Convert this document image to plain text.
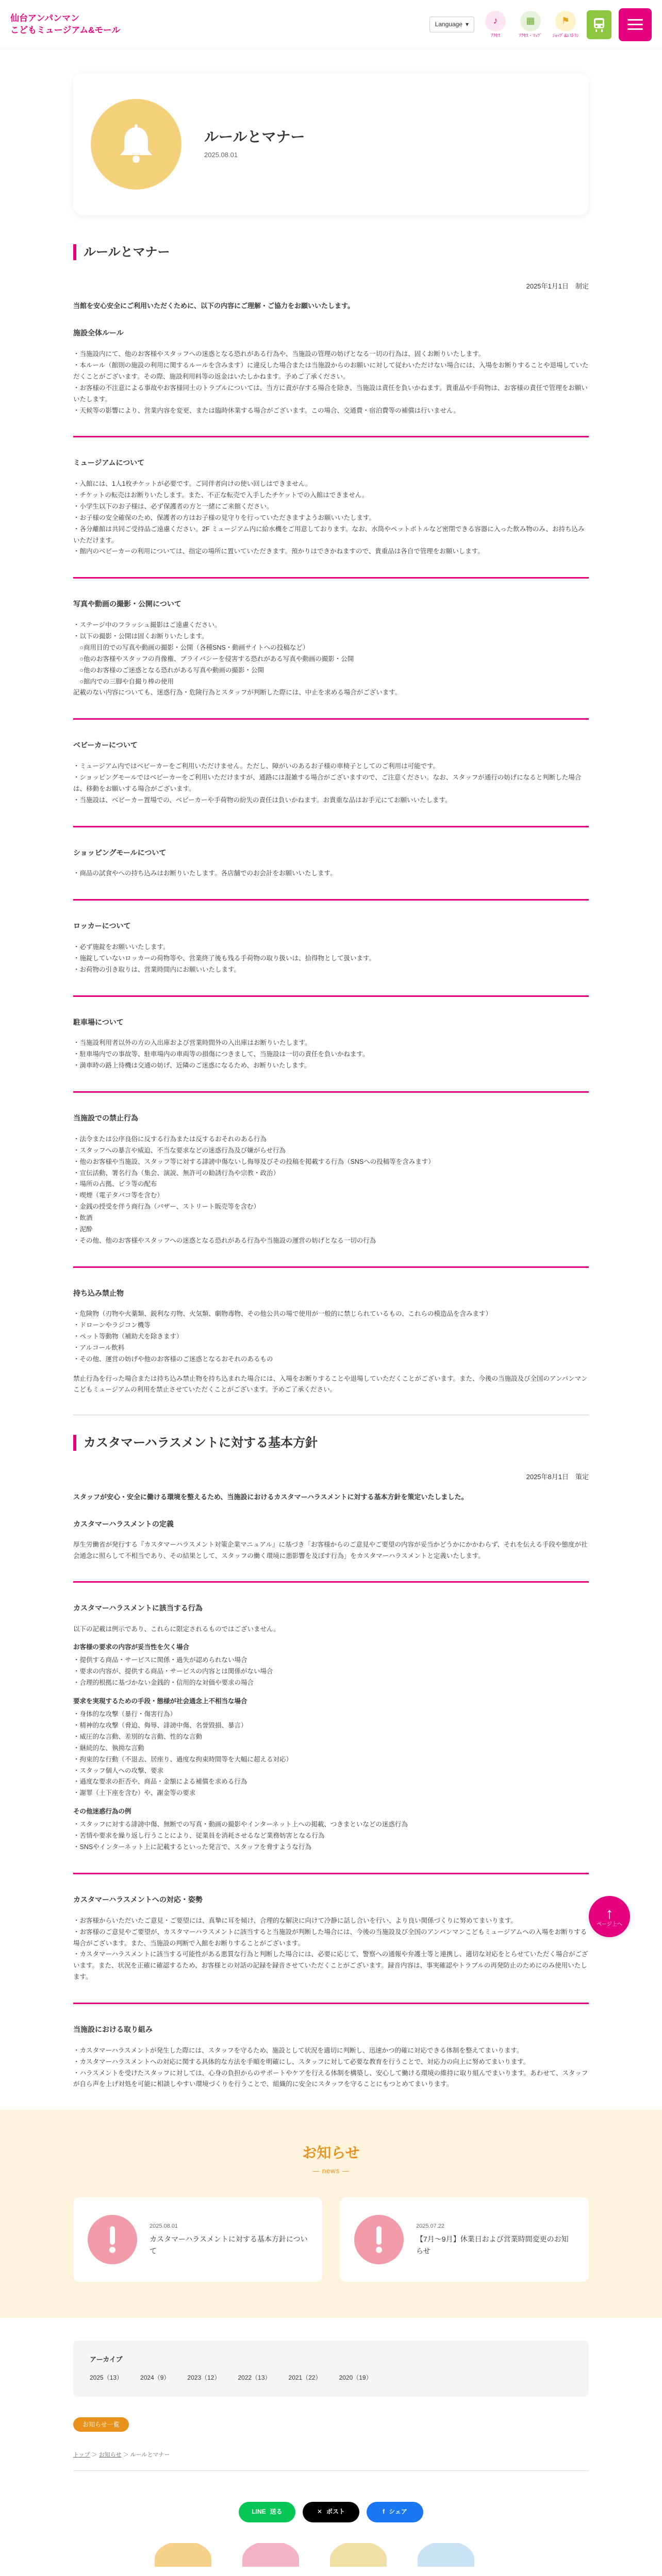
仙台アンパンマン
こどもミュージアム&モール
Language ▾	♪
ｱｸｾｽ
▦
ｱｸｾｽ・ﾏｯﾌﾟ
⚑
ｼｮｯﾌﾟ&ﾚｽﾄﾗﾝ
ルールとマナー
2025.08.01
ルールとマナー
2025年1月1日　制定
当館を安心安全にご利用いただくために、以下の内容にご理解・ご協力をお願いいたします。
施設全体ルール
・当施設内にて、他のお客様やスタッフへの迷惑となる恐れがある行為や、当施設の管理の妨げとなる一切の行為は、固くお断りいたします。
・本ルール（館則の施設の利用に関するルールを含みます）に違反した場合または当施設からのお願いに対して従わいただけない場合には、入場をお断りすることや退場していただくことがございます。その際、施設利用料等の返金はいたしかねます。予めご了承ください。
・お客様の不注意による事故やお客様同士のトラブルについては、当方に責が存する場合を除き、当施設は責任を負いかねます。貴重品や手荷物は、お客様の責任で管理をお願いいたします。
・天候等の影響により、営業内容を変更、または臨時休業する場合がございます。この場合、交通費・宿泊費等の補償は行いません。
ミュージアムについて
・入館には、1人1枚チケットが必要です。ご同伴者向けの使い回しはできません。
・チケットの転売はお断りいたします。また、不正な転売で入手したチケットでの入館はできません。
・小学生以下のお子様は、必ず保護者の方と一緒にご来館ください。
・お子様の安全確保のため、保護者の方はお子様の見守りを行っていただきますようお願いいたします。
・各分離館は共同ご受持品ご遠慮ください。2F ミュージアム内に給水機をご用意しております。なお、水筒やペットボトルなど密閉できる容器に入った飲み物のみ、お持ち込みいただけます。
・館内のベビーカーの利用については、指定の場所に置いていただきます。預かりはできかねますので、貴重品は各自で管理をお願いします。
写真や動画の撮影・公開について
・ステージ中のフラッシュ撮影はご遠慮ください。
・以下の撮影・公開は固くお断りいたします。
　○商用目的での写真や動画の撮影・公開（各種SNS・動画サイトへの投稿など）
　○他のお客様やスタッフの肖像権、プライバシーを侵害する恐れがある写真や動画の撮影・公開
　○他のお客様のご迷惑となる恐れがある写真や動画の撮影・公開
　○館内での三脚や自撮り棒の使用
記載のない内容についても、迷惑行為・危険行為とスタッフが判断した際には、中止を求める場合がございます。
ベビーカーについて
・ミュージアム内ではベビーカーをご利用いただけません。ただし、障がいのあるお子様の車椅子としてのご利用は可能です。
・ショッピングモールではベビーカーをご利用いただけますが、通路には混雑する場合がございますので、ご注意ください。なお、スタッフが通行の妨げになると判断した場合は、移動をお願いする場合がございます。
・当施設は、ベビーカー置場での、ベビーカーや手荷物の紛失の責任は負いかねます。お貴重な品はお手元にてお願いいたします。
ショッピングモールについて
・商品の試食やへの持ち込みはお断りいたします。各店舗でのお会計をお願いいたします。
ロッカーについて
・必ず施錠をお願いいたします。
・施錠していないロッカーの荷物等や、営業終了後も残る手荷物の取り扱いは、拾得物として扱います。
・お荷物の引き取りは、営業時間内にお願いいたします。
駐車場について
・当施設利用者以外の方の入出庫および営業時間外の入出庫はお断りいたします。
・駐車場内での事故等、駐車場内の車両等の損傷につきまして、当施設は一切の責任を負いかねます。
・満車時の路上待機は交通の妨げ、近隣のご迷惑になるため、お断りいたします。
当施設での禁止行為
・法令または公序良俗に反する行為または反するおそれのある行為
・スタッフへの暴言や威迫、不当な要求などの迷惑行為及び嫌がらせ行為
・他のお客様や当施設、スタッフ等に対する誹謗中傷ないし侮辱及びその投稿を掲載する行為（SNSへの投稿等を含みます）
・宣伝活動、署名行為（集会、演説、無許可の勧誘行為や宗教・政治）
・場所の占拠、ビラ等の配布
・喫煙（電子タバコ等を含む）
・金銭の授受を伴う商行為（バザー、ストリート販売等を含む）
・飲酒
・泥酔
・その他、他のお客様やスタッフへの迷惑となる恐れがある行為や当施設の運営の妨げとなる一切の行為
持ち込み禁止物
・危険物（刃物や火薬類、鋭利な刃物、火気類、劇物毒物、その他公共の場で使用が一般的に禁じられているもの、これらの模造品を含みます）
・ドローンやラジコン機等
・ペット等動物（補助犬を除きます）
・アルコール飲料
・その他、運営の妨げや他のお客様のご迷惑となるおそれのあるもの

禁止行為を行った場合または持ち込み禁止物を持ち込まれた場合には、入場をお断りすることや退場していただくことがございます。また、今後の当施設及び全国のアンパンマンこどもミュージアムの利用を禁止させていただくことがございます。予めご了承ください。

カスタマーハラスメントに対する基本方針
2025年8月1日　策定
スタッフが安心・安全に働ける環境を整えるため、当施設におけるカスタマーハラスメントに対する基本方針を策定いたしました。
カスタマーハラスメントの定義

厚生労働省が発行する『カスタマーハラスメント対策企業マニュアル』に基づき「お客様からのご意見やご要望の内容が妥当かどうかにかかわらず、それを伝える手段や態度が社会通念に照らして不相当であり、その結果として、スタッフの働く環境に悪影響を及ぼす行為」をカスタマーハラスメントと定義いたします。

カスタマーハラスメントに該当する行為

以下の記載は例示であり、これらに限定されるものではございません。

お客様の要求の内容が妥当性を欠く場合
・提供する商品・サービスに関係・過失が認められない場合
・要求の内容が、提供する商品・サービスの内容とは関係がない場合
・合理的根拠に基づかない金銭的・信用的な対価や要求の場合
要求を実現するための手段・態様が社会通念上不相当な場合
・身体的な攻撃（暴行・傷害行為）
・精神的な攻撃（脅迫、侮辱、誹謗中傷、名誉毀損、暴言）
・威圧的な言動、差別的な言動、性的な言動
・継続的な、執拗な言動
・拘束的な行動（不退去、居座り、過度な拘束時間等を大幅に超える対応）
・スタッフ個人への攻撃、要求
・過度な要求の拒否や、商品・金額による補償を求める行為
・謝罪（土下座を含む）や、謝金等の要求
その他迷惑行為の例
・スタッフに対する誹謗中傷、無断での写真・動画の撮影やインターネット上への掲載、つきまといなどの迷惑行為
・苦情や要求を繰り返し行うことにより、従業員を消耗させるなど業務妨害となる行為
・SNSやインターネット上に記載するといった発言で、スタッフを脅すような行為
カスタマーハラスメントへの対応・姿勢
・お客様からいただいたご意見・ご要望には、真摯に耳を傾け、合理的な解決に向けて冷静に話し合いを行い、より良い関係づくりに努めてまいります。
・お客様のご意見やご要望が、カスタマーハラスメントに該当すると当施設が判断した場合には、今後の当施設及び全国のアンパンマンこどもミュージアムへの入場をお断りする場合がございます。また、当施設の判断で入館をお断りすることがございます。
・カスタマーハラスメントに該当する可能性がある悪質な行為と判断した場合には、必要に応じて、警察への通報や弁護士等と連携し、適切な対応をとらせていただく場合がございます。また、状況を正確に確認するため、お客様との対話の記録を録音させていただくことがございます。録音内容は、事実確認やトラブルの再発防止のためにのみ使用いたします。
当施設における取り組み
・カスタマーハラスメントが発生した際には、スタッフを守るため、施設として状況を適切に判断し、迅速かつ的確に対応できる体制を整えてまいります。
・カスタマーハラスメントへの対応に関する具体的な方法を手順を明確にし、スタッフに対して必要な教育を行うことで、対応力の向上に努めてまいります。
・ハラスメントを受けたスタッフに対しては、心身の負担からのサポートやケアを行える体制を構築し、安心して働ける環境の維持に取り組んでまいります。あわせて、スタッフが自ら声を上げ対処を可能に相談しやすい環境づくりを行うことで、組織的に安全にスタッフを守ることにもつとめてまいります。
↑
ページ上へ
お知らせ
— news —
2025.08.01
カスタマーハラスメントに対する基本方針について
2025.07.22
【7月〜9月】休業日および営業時間変更のお知らせ
アーカイブ
2025（13）	2024（9）	2023（12）	2022（13）	2021（22）	2020（19）
お知らせ一覧
トップ ＞ お知らせ ＞ ルールとマナー
LINE 送る	✕ ポスト	f シェア
